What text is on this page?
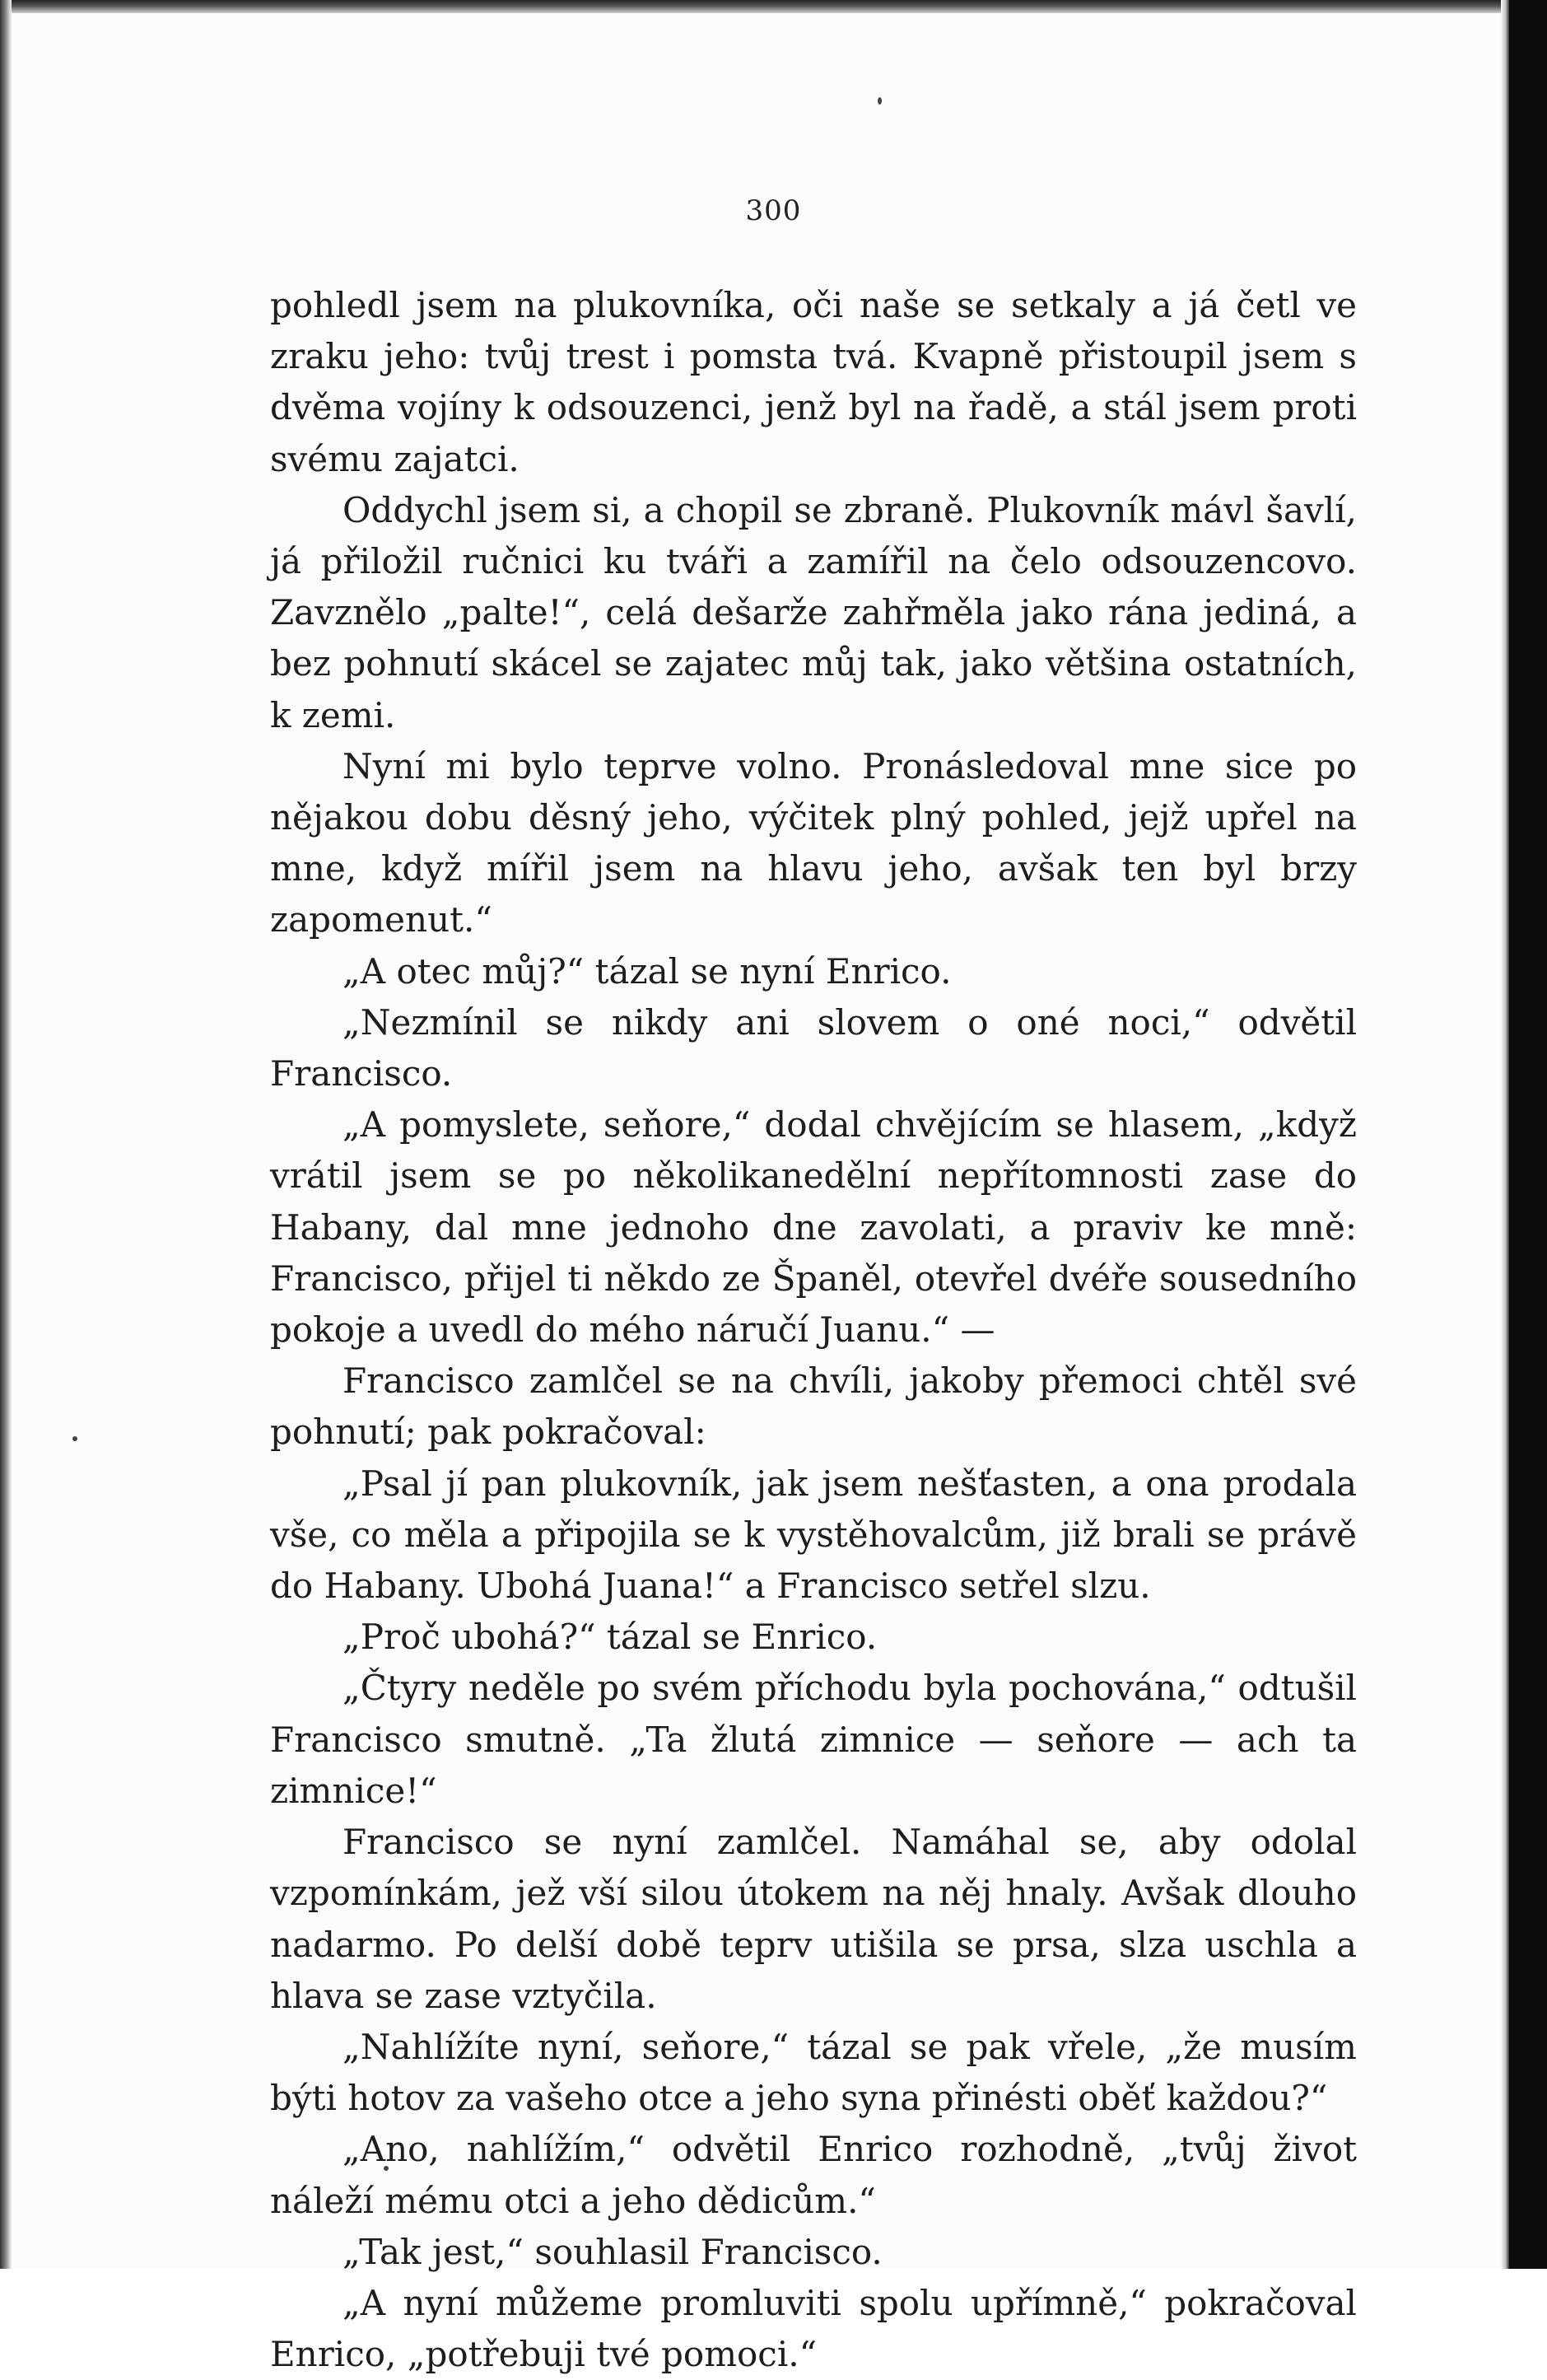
300

pohledl jsem na plukovníka, oči naše se setkaly a já četl ve zraku jeho: tvůj trest i pomsta tvá. Kvapně přistoupil jsem s dvěma vojíny k odsouzenci, jenž byl na řadě, a stál jsem proti svému zajatci.

Oddychl jsem si, a chopil se zbraně. Plukovník mávl šavlí, já přiložil ručnici ku tváři a zamířil na čelo odsouzencovo. Zavznělo „palte!“, celá dešarže zahřměla jako rána jediná, a bez pohnutí skácel se zajatec můj tak, jako většina ostatních, k zemi.

Nyní mi bylo teprve volno. Pronásledoval mne sice po nějakou dobu děsný jeho, výčitek plný pohled, jejž upřel na mne, když mířil jsem na hlavu jeho, avšak ten byl brzy zapomenut.“

„A otec můj?“ tázal se nyní Enrico.

„Nezmínil se nikdy ani slovem o oné noci,“ odvětil Francisco.

„A pomyslete, seňore,“ dodal chvějícím se hlasem, „když vrátil jsem se po několikanedělní nepřítomnosti zase do Habany, dal mne jednoho dne zavolati, a praviv ke mně: Francisco, přijel ti někdo ze Španěl, otevřel dvéře sousedního pokoje a uvedl do mého náručí Juanu.“ —

Francisco zamlčel se na chvíli, jakoby přemoci chtěl své pohnutí; pak pokračoval:

„Psal jí pan plukovník, jak jsem nešťasten, a ona prodala vše, co měla a připojila se k vystěhovalcům, již brali se právě do Habany. Ubohá Juana!“ a Francisco setřel slzu.

„Proč ubohá?“ tázal se Enrico.

„Čtyry neděle po svém příchodu byla pochována,“ odtušil Francisco smutně. „Ta žlutá zimnice — seňore — ach ta zimnice!“

Francisco se nyní zamlčel. Namáhal se, aby odolal vzpomínkám, jež vší silou útokem na něj hnaly. Avšak dlouho nadarmo. Po delší době teprv utišila se prsa, slza uschla a hlava se zase vztyčila.

„Nahlížíte nyní, seňore,“ tázal se pak vřele, „že musím býti hotov za vašeho otce a jeho syna přinésti oběť každou?“

„Ano, nahlížím,“ odvětil Enrico rozhodně, „tvůj život náleží mému otci a jeho dědicům.“

„Tak jest,“ souhlasil Francisco.

„A nyní můžeme promluviti spolu upřímně,“ pokračoval Enrico, „potřebuji tvé pomoci.“
